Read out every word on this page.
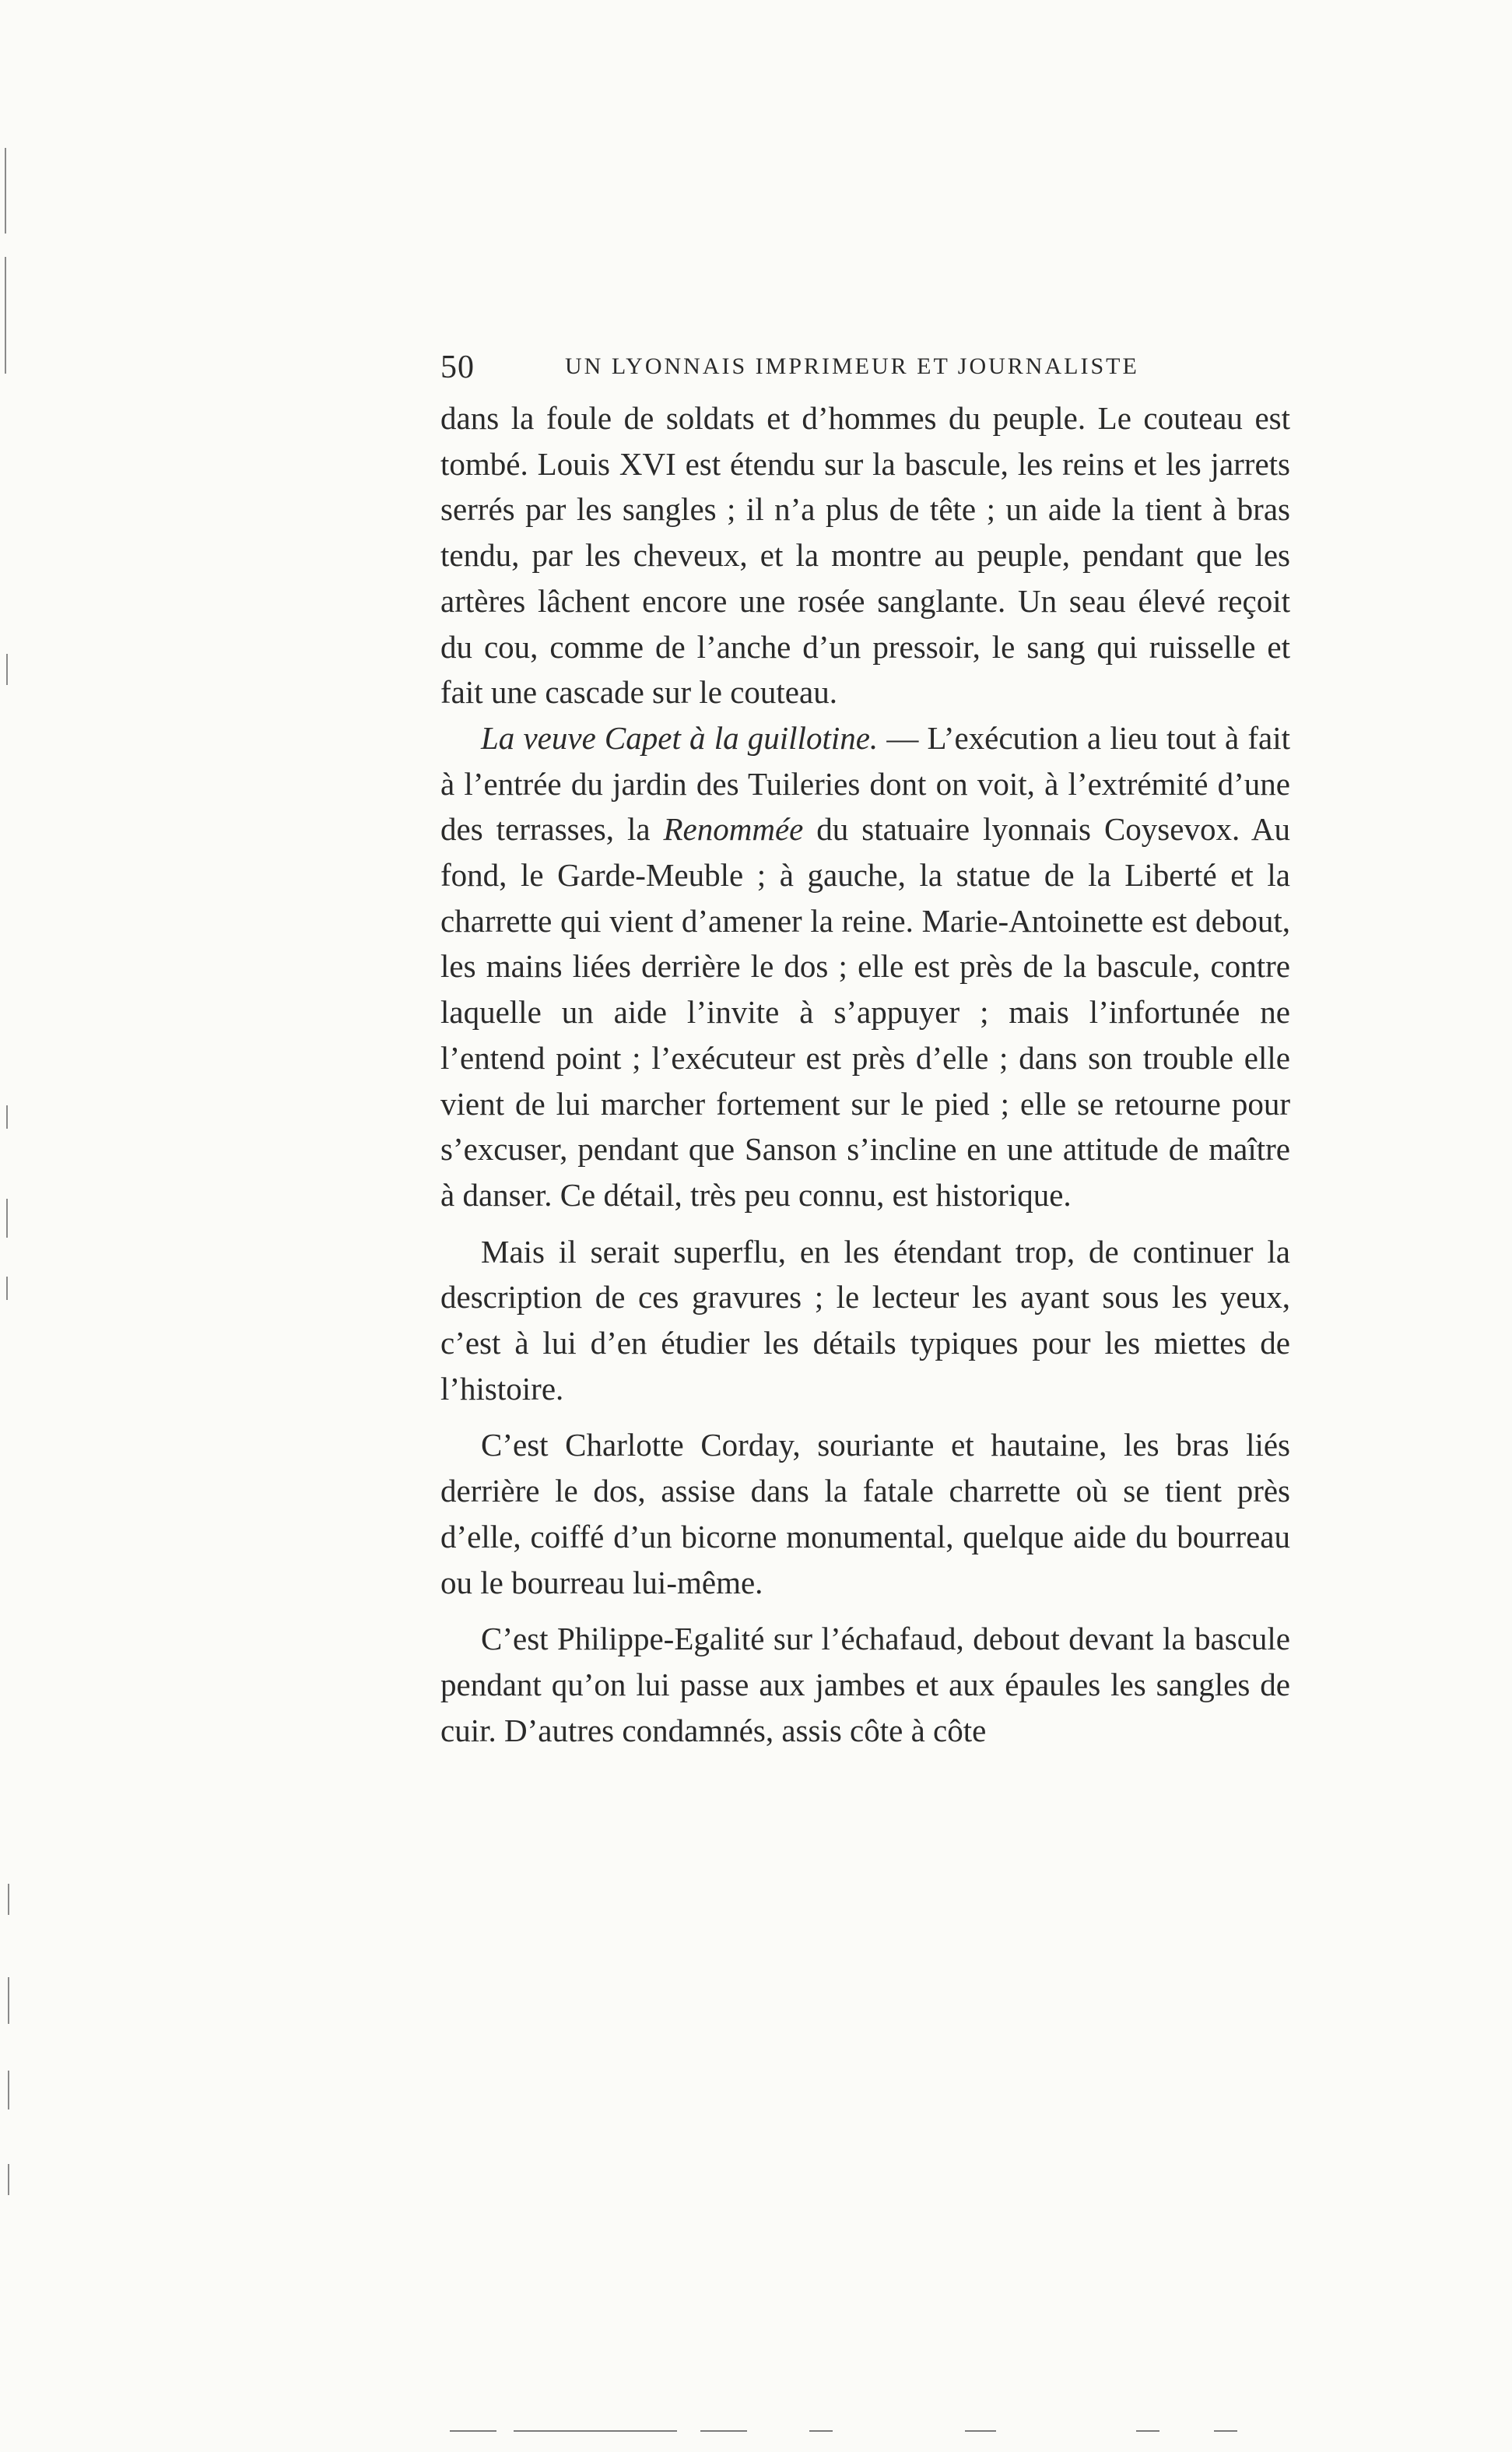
50	UN LYONNAIS IMPRIMEUR ET JOURNALISTE

dans la foule de soldats et d’hommes du peuple. Le couteau est tombé. Louis XVI est étendu sur la bascule, les reins et les jarrets serrés par les sangles ; il n’a plus de tête ; un aide la tient à bras tendu, par les cheveux, et la montre au peuple, pendant que les artères lâchent encore une rosée sanglante. Un seau élevé reçoit du cou, comme de l’anche d’un pressoir, le sang qui ruisselle et fait une cascade sur le couteau.

La veuve Capet à la guillotine. — L’exécution a lieu tout à fait à l’entrée du jardin des Tuileries dont on voit, à l’extrémité d’une des terrasses, la Renommée du statuaire lyonnais Coysevox. Au fond, le Garde-Meuble ; à gauche, la statue de la Liberté et la charrette qui vient d’amener la reine. Marie-Antoinette est debout, les mains liées derrière le dos ; elle est près de la bascule, contre laquelle un aide l’invite à s’appuyer ; mais l’infortunée ne l’entend point ; l’exécuteur est près d’elle ; dans son trouble elle vient de lui marcher fortement sur le pied ; elle se retourne pour s’excuser, pendant que Sanson s’incline en une attitude de maître à danser. Ce détail, très peu connu, est historique.

Mais il serait superflu, en les étendant trop, de continuer la description de ces gravures ; le lecteur les ayant sous les yeux, c’est à lui d’en étudier les détails typiques pour les miettes de l’histoire.

C’est Charlotte Corday, souriante et hautaine, les bras liés derrière le dos, assise dans la fatale charrette où se tient près d’elle, coiffé d’un bicorne monumental, quelque aide du bourreau ou le bourreau lui-même.

C’est Philippe-Egalité sur l’échafaud, debout devant la bascule pendant qu’on lui passe aux jambes et aux épaules les sangles de cuir. D’autres condamnés, assis côte à côte
